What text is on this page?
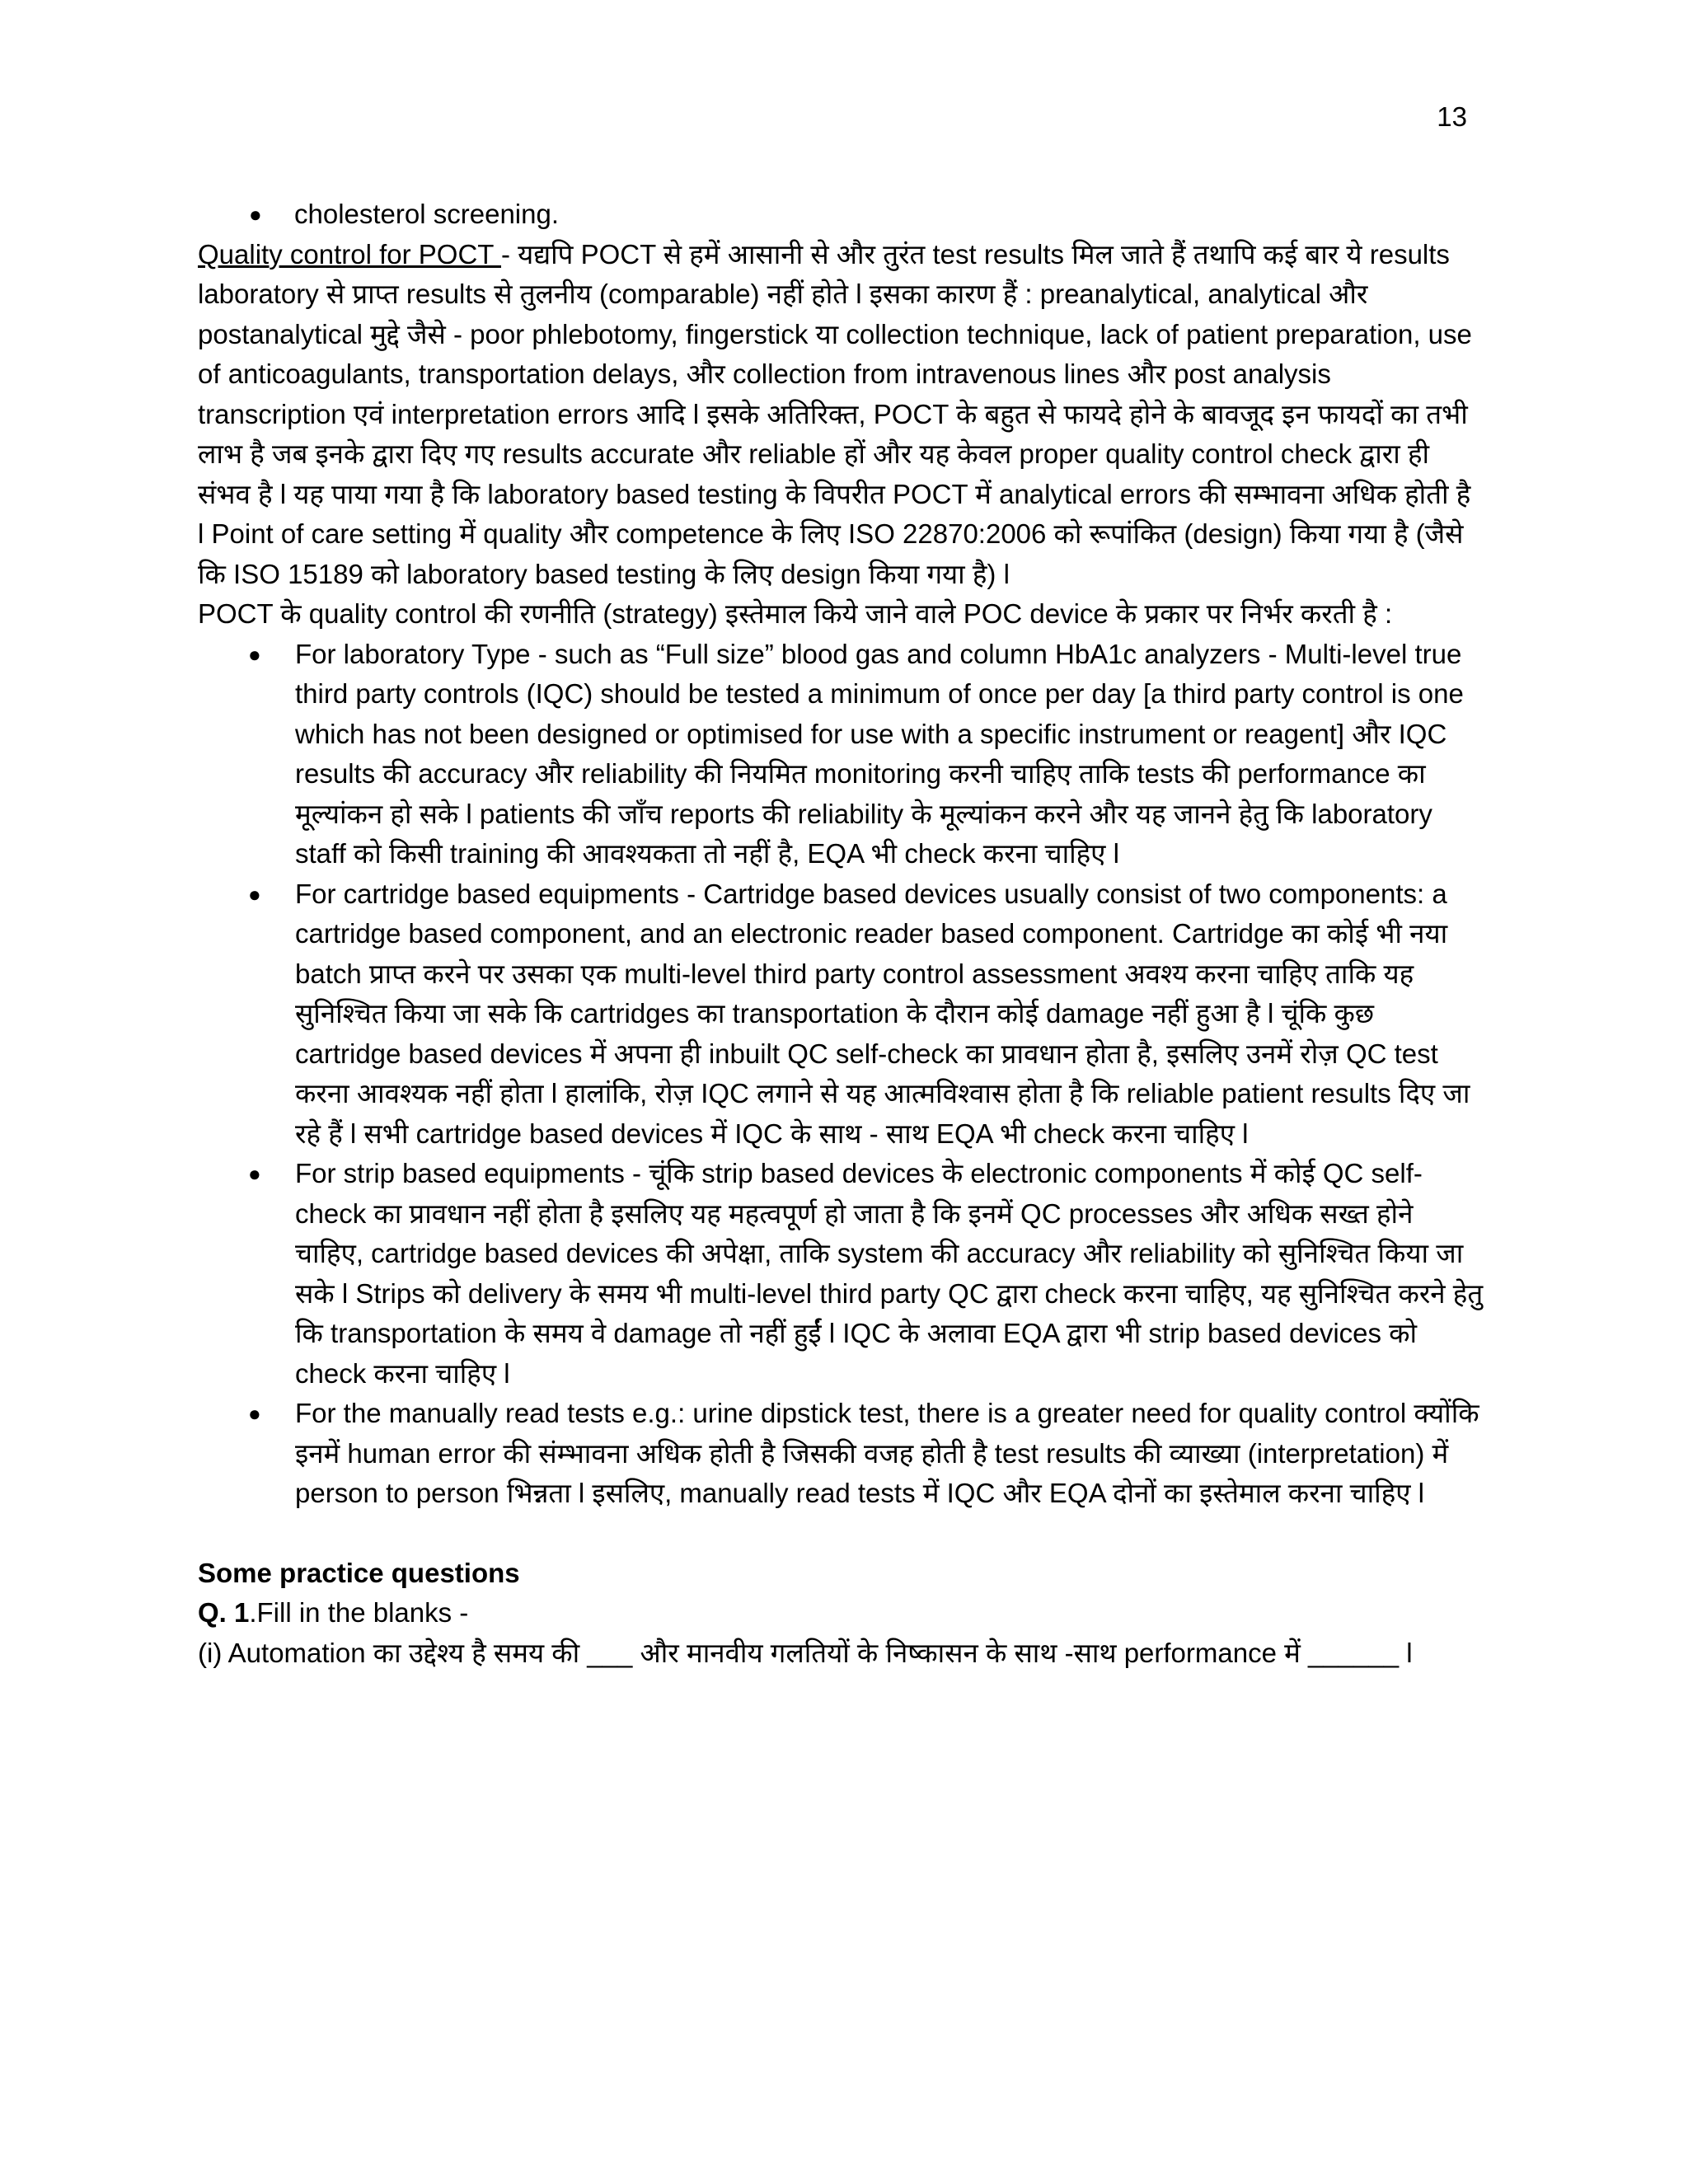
13
● cholesterol screening.

Quality control for POCT - यद्यपि POCT से हमें आसानी से और तुरंत test results मिल जाते हैं तथापि कई बार ये results laboratory से प्राप्त results से तुलनीय (comparable) नहीं होते l इसका कारण हैं : preanalytical, analytical और postanalytical मुद्दे जैसे - poor phlebotomy, fingerstick या collection technique, lack of patient preparation, use of anticoagulants, transportation delays, और collection from intravenous lines और post analysis transcription एवं interpretation errors आदि l इसके अतिरिक्त, POCT के बहुत से फायदे होने के बावजूद इन फायदों का तभी लाभ है जब इनके द्वारा दिए गए results accurate और reliable हों और यह केवल proper quality control check द्वारा ही संभव है l यह पाया गया है कि laboratory based testing के विपरीत POCT में analytical errors की सम्भावना अधिक होती है l Point of care setting में quality और competence के लिए ISO 22870:2006 को रूपांकित (design) किया गया है (जैसे कि ISO 15189 को laboratory based testing के लिए design किया गया है) l

POCT के quality control की रणनीति (strategy) इस्तेमाल किये जाने वाले POC device के प्रकार पर निर्भर करती है :

● For laboratory Type - such as “Full size” blood gas and column HbA1c analyzers - Multi-level true third party controls (IQC) should be tested a minimum of once per day [a third party control is one which has not been designed or optimised for use with a specific instrument or reagent] और IQC results की accuracy और reliability की नियमित monitoring करनी चाहिए ताकि tests की performance का मूल्यांकन हो सके l patients की जाँच reports की reliability के मूल्यांकन करने और यह जानने हेतु कि laboratory staff को किसी training की आवश्यकता तो नहीं है, EQA भी check करना चाहिए l
● For cartridge based equipments - Cartridge based devices usually consist of two components: a cartridge based component, and an electronic reader based component. Cartridge का कोई भी नया batch प्राप्त करने पर उसका एक multi-level third party control assessment अवश्य करना चाहिए ताकि यह सुनिश्चित किया जा सके कि cartridges का transportation के दौरान कोई damage नहीं हुआ है l चूंकि कुछ cartridge based devices में अपना ही inbuilt QC self-check का प्रावधान होता है, इसलिए उनमें रोज़ QC test करना आवश्यक नहीं होता l हालांकि, रोज़ IQC लगाने से यह आत्मविश्वास होता है कि reliable patient results दिए जा रहे हैं l सभी cartridge based devices में IQC के साथ - साथ EQA भी check करना चाहिए l
● For strip based equipments - चूंकि strip based devices के electronic components में कोई QC self-check का प्रावधान नहीं होता है इसलिए यह महत्वपूर्ण हो जाता है कि इनमें QC processes और अधिक सख्त होने चाहिए, cartridge based devices की अपेक्षा, ताकि system की accuracy और reliability को सुनिश्चित किया जा सके l Strips को delivery के समय भी multi-level third party QC द्वारा check करना चाहिए, यह सुनिश्चित करने हेतु कि transportation के समय वे damage तो नहीं हुईं l IQC के अलावा EQA द्वारा भी strip based devices को check करना चाहिए l
● For the manually read tests e.g.: urine dipstick test, there is a greater need for quality control क्योंकि इनमें human error की संम्भावना अधिक होती है जिसकी वजह होती है test results की व्याख्या (interpretation) में person to person भिन्नता l इसलिए, manually read tests में IQC और EQA दोनों का इस्तेमाल करना चाहिए l

Some practice questions

Q. 1.Fill in the blanks -

(i) Automation का उद्देश्य है समय की ___ और मानवीय गलतियों के निष्कासन के साथ -साथ performance में ______ l
